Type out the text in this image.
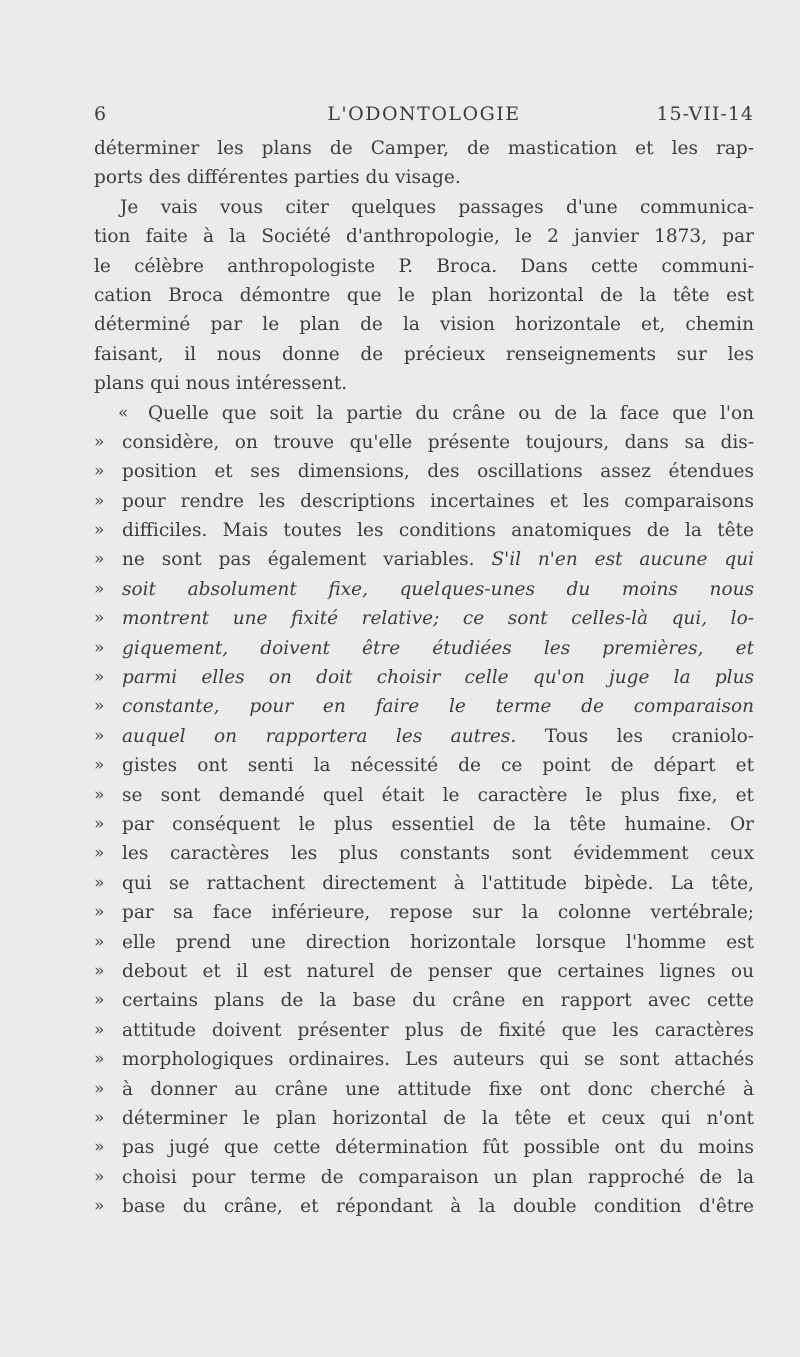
6	L'ODONTOLOGIE	15-VII-14
déterminer les plans de Camper, de mastication et les rap-
ports des différentes parties du visage.
Je vais vous citer quelques passages d'une communica-
tion faite à la Société d'anthropologie, le 2 janvier 1873, par
le célèbre anthropologiste P. Broca. Dans cette communi-
cation Broca démontre que le plan horizontal de la tête est
déterminé par le plan de la vision horizontale et, chemin
faisant, il nous donne de précieux renseignements sur les
plans qui nous intéressent.
«	Quelle que soit la partie du crâne ou de la face que l'on
» considère, on trouve qu'elle présente toujours, dans sa dis-
» position et ses dimensions, des oscillations assez étendues
» pour rendre les descriptions incertaines et les comparaisons
» difficiles. Mais toutes les conditions anatomiques de la tête
» ne sont pas également variables. S'il n'en est aucune qui
» soit absolument fixe, quelques-unes du moins nous
» montrent une fixité relative; ce sont celles-là qui, lo-
» giquement, doivent être étudiées les premières, et
» parmi elles on doit choisir celle qu'on juge la plus
» constante, pour en faire le terme de comparaison
» auquel on rapportera les autres. Tous les craniolo-
» gistes ont senti la nécessité de ce point de départ et
» se sont demandé quel était le caractère le plus fixe, et
» par conséquent le plus essentiel de la tête humaine. Or
» les caractères les plus constants sont évidemment ceux
» qui se rattachent directement à l'attitude bipède. La tête,
» par sa face inférieure, repose sur la colonne vertébrale;
» elle prend une direction horizontale lorsque l'homme est
» debout et il est naturel de penser que certaines lignes ou
» certains plans de la base du crâne en rapport avec cette
» attitude doivent présenter plus de fixité que les caractères
» morphologiques ordinaires. Les auteurs qui se sont attachés
» à donner au crâne une attitude fixe ont donc cherché à
» déterminer le plan horizontal de la tête et ceux qui n'ont
» pas jugé que cette détermination fût possible ont du moins
» choisi pour terme de comparaison un plan rapproché de la
» base du crâne, et répondant à la double condition d'être
